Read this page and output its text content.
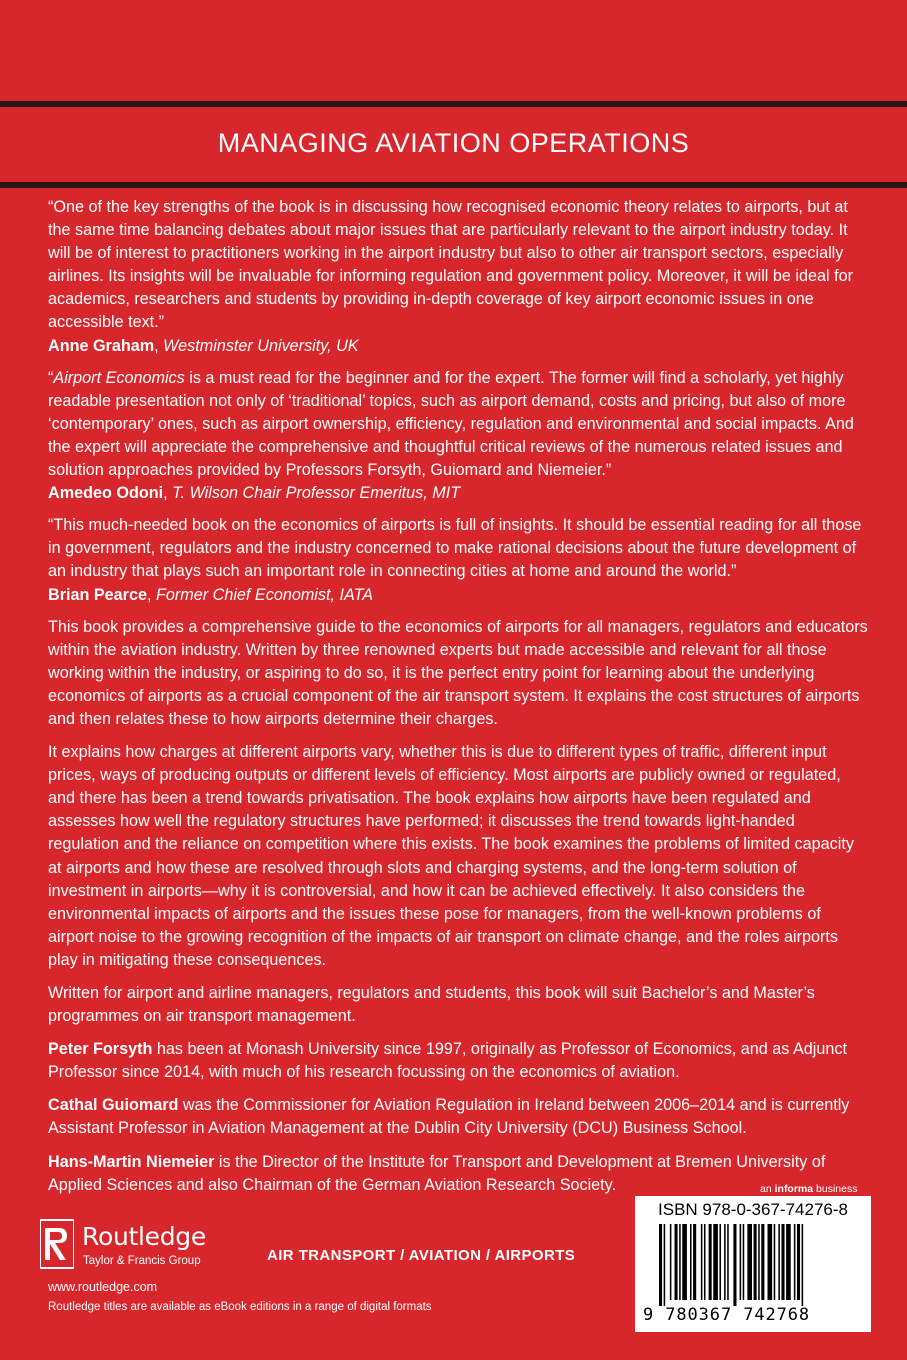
MANAGING AVIATION OPERATIONS

“One of the key strengths of the book is in discussing how recognised economic theory relates to airports, but at the same time balancing debates about major issues that are particularly relevant to the airport industry today. It will be of interest to practitioners working in the airport industry but also to other air transport sectors, especially airlines. Its insights will be invaluable for informing regulation and government policy. Moreover, it will be ideal for academics, researchers and students by providing in-depth coverage of key airport economic issues in one accessible text.”

Anne Graham, Westminster University, UK

“Airport Economics is a must read for the beginner and for the expert. The former will find a scholarly, yet highly readable presentation not only of ‘traditional’ topics, such as airport demand, costs and pricing, but also of more ‘contemporary’ ones, such as airport ownership, efficiency, regulation and environmental and social impacts. And the expert will appreciate the comprehensive and thoughtful critical reviews of the numerous related issues and solution approaches provided by Professors Forsyth, Guiomard and Niemeier.”

Amedeo Odoni, T. Wilson Chair Professor Emeritus, MIT

“This much-needed book on the economics of airports is full of insights. It should be essential reading for all those in government, regulators and the industry concerned to make rational decisions about the future development of an industry that plays such an important role in connecting cities at home and around the world.”

Brian Pearce, Former Chief Economist, IATA

This book provides a comprehensive guide to the economics of airports for all managers, regulators and educators within the aviation industry. Written by three renowned experts but made accessible and relevant for all those working within the industry, or aspiring to do so, it is the perfect entry point for learning about the underlying economics of airports as a crucial component of the air transport system. It explains the cost structures of airports and then relates these to how airports determine their charges.

It explains how charges at different airports vary, whether this is due to different types of traffic, different input prices, ways of producing outputs or different levels of efficiency. Most airports are publicly owned or regulated, and there has been a trend towards privatisation. The book explains how airports have been regulated and assesses how well the regulatory structures have performed; it discusses the trend towards light-handed regulation and the reliance on competition where this exists. The book examines the problems of limited capacity at airports and how these are resolved through slots and charging systems, and the long-term solution of investment in airports—why it is controversial, and how it can be achieved effectively. It also considers the environmental impacts of airports and the issues these pose for managers, from the well-known problems of airport noise to the growing recognition of the impacts of air transport on climate change, and the roles airports play in mitigating these consequences.

Written for airport and airline managers, regulators and students, this book will suit Bachelor’s and Master’s programmes on air transport management.

Peter Forsyth has been at Monash University since 1997, originally as Professor of Economics, and as Adjunct Professor since 2014, with much of his research focussing on the economics of aviation.

Cathal Guiomard was the Commissioner for Aviation Regulation in Ireland between 2006–2014 and is currently Assistant Professor in Aviation Management at the Dublin City University (DCU) Business School.

Hans-Martin Niemeier is the Director of the Institute for Transport and Development at Bremen University of Applied Sciences and also Chairman of the German Aviation Research Society.	an informa business
Routledge
Taylor & Francis Group	AIR TRANSPORT / AVIATION / AIRPORTS
www.routledge.com
Routledge titles are available as eBook editions in a range of digital formats
ISBN 978-0-367-74276-8
9 780367 742768
